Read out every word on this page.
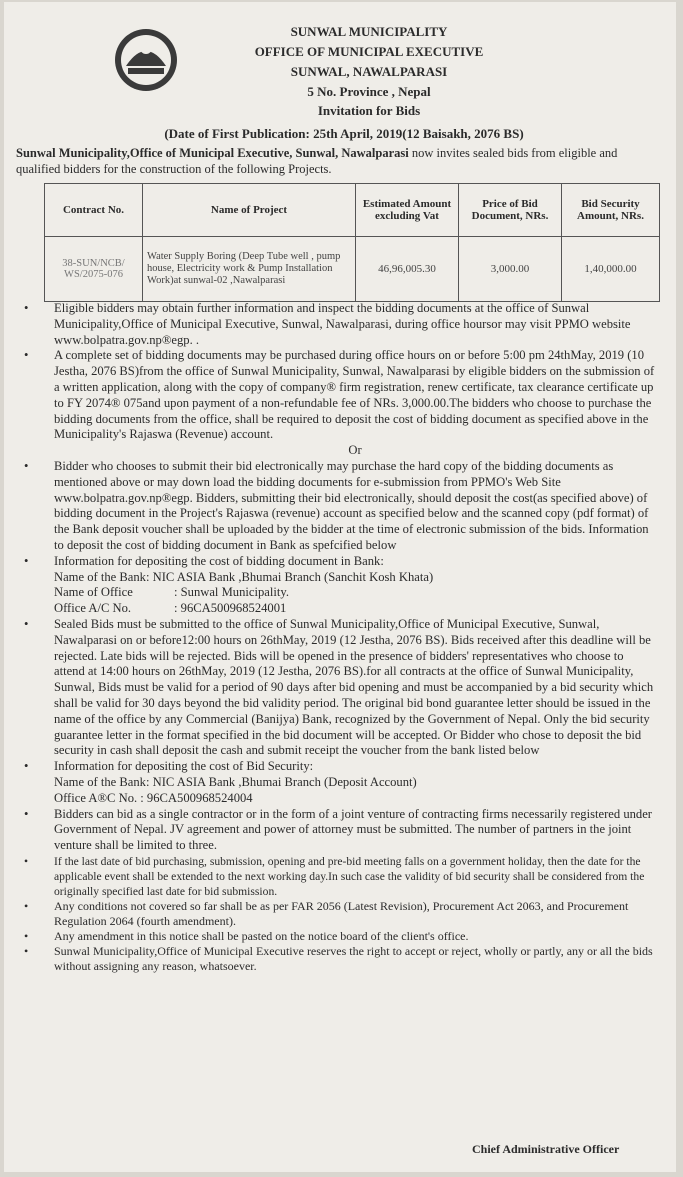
SUNWAL MUNICIPALITY

OFFICE OF MUNICIPAL EXECUTIVE

SUNWAL, NAWALPARASI

5 No. Province , Nepal

Invitation for Bids

(Date of First Publication: 25th April, 2019(12 Baisakh, 2076 BS)

Sunwal Municipality,Office of Municipal Executive, Sunwal, Nawalparasi now invites sealed bids from eligible and qualified bidders for the construction of the following Projects.

Contract No.	Name of Project	Estimated Amount excluding Vat	Price of Bid Document, NRs.	Bid Security Amount, NRs.
38-SUN/NCB/ WS/2075-076	Water Supply Boring (Deep Tube well , pump house, Electricity work & Pump Installation Work)at sunwal-02 ,Nawalparasi	46,96,005.30	3,000.00	1,40,000.00
•	Eligible bidders may obtain further information and inspect the bidding documents at the office of Sunwal Municipality,Office of Municipal Executive, Sunwal, Nawalparasi, during office hoursor may visit PPMO website www.bolpatra.gov.np®egp. .
•	A complete set of bidding documents may be purchased during office hours on or before 5:00 pm 24thMay, 2019 (10 Jestha, 2076 BS)from the office of Sunwal Municipality, Sunwal, Nawalparasi by eligible bidders on the submission of a written application, along with the copy of company® firm registration, renew certificate, tax clearance certificate up to FY 2074® 075and upon payment of a non-refundable fee of NRs. 3,000.00.The bidders who choose to purchase the bidding documents from the office, shall be required to deposit the cost of bidding document as specified above in the Municipality's Rajaswa (Revenue) account.
Or
•	Bidder who chooses to submit their bid electronically may purchase the hard copy of the bidding documents as mentioned above or may down load the bidding documents for e-submission from PPMO's Web Site www.bolpatra.gov.np®egp. Bidders, submitting their bid electronically, should deposit the cost(as specified above) of bidding document in the Project's Rajaswa (revenue) account as specified below and the scanned copy (pdf format) of the Bank deposit voucher shall be uploaded by the bidder at the time of electronic submission of the bids. Information to deposit the cost of bidding document in Bank as spefcified below
•	Information for depositing the cost of bidding document in Bank:
Name of the Bank: NIC ASIA Bank ,Bhumai Branch (Sanchit Kosh Khata)
Name of Office	: Sunwal Municipality.
Office A/C No.	: 96CA500968524001
•	Sealed Bids must be submitted to the office of Sunwal Municipality,Office of Municipal Executive, Sunwal, Nawalparasi on or before12:00 hours on 26thMay, 2019 (12 Jestha, 2076 BS). Bids received after this deadline will be rejected. Late bids will be rejected. Bids will be opened in the presence of bidders' representatives who choose to attend at 14:00 hours on 26thMay, 2019 (12 Jestha, 2076 BS).for all contracts at the office of Sunwal Municipality, Sunwal, Bids must be valid for a period of 90 days after bid opening and must be accompanied by a bid security which shall be valid for 30 days beyond the bid validity period. The original bid bond guarantee letter should be issued in the name of the office by any Commercial (Banijya) Bank, recognized by the Government of Nepal. Only the bid security guarantee letter in the format specified in the bid document will be accepted. Or Bidder who chose to deposit the bid security in cash shall deposit the cash and submit receipt the voucher from the bank listed below
•	Information for depositing the cost of Bid Security:
Name of the Bank: NIC ASIA Bank ,Bhumai Branch (Deposit Account)
Office A®C No. : 96CA500968524004
•	Bidders can bid as a single contractor or in the form of a joint venture of contracting firms necessarily registered under Government of Nepal. JV agreement and power of attorney must be submitted. The number of partners in the joint venture shall be limited to three.
•	If the last date of bid purchasing, submission, opening and pre-bid meeting falls on a government holiday, then the date for the applicable event shall be extended to the next working day.In such case the validity of bid security shall be considered from the originally specified last date for bid submission.
•	Any conditions not covered so far shall be as per FAR 2056 (Latest Revision), Procurement Act 2063, and Procurement Regulation 2064 (fourth amendment).
•	Any amendment in this notice shall be pasted on the notice board of the client's office.
•	Sunwal Municipality,Office of Municipal Executive reserves the right to accept or reject, wholly or partly, any or all the bids without assigning any reason, whatsoever.
Chief Administrative Officer
